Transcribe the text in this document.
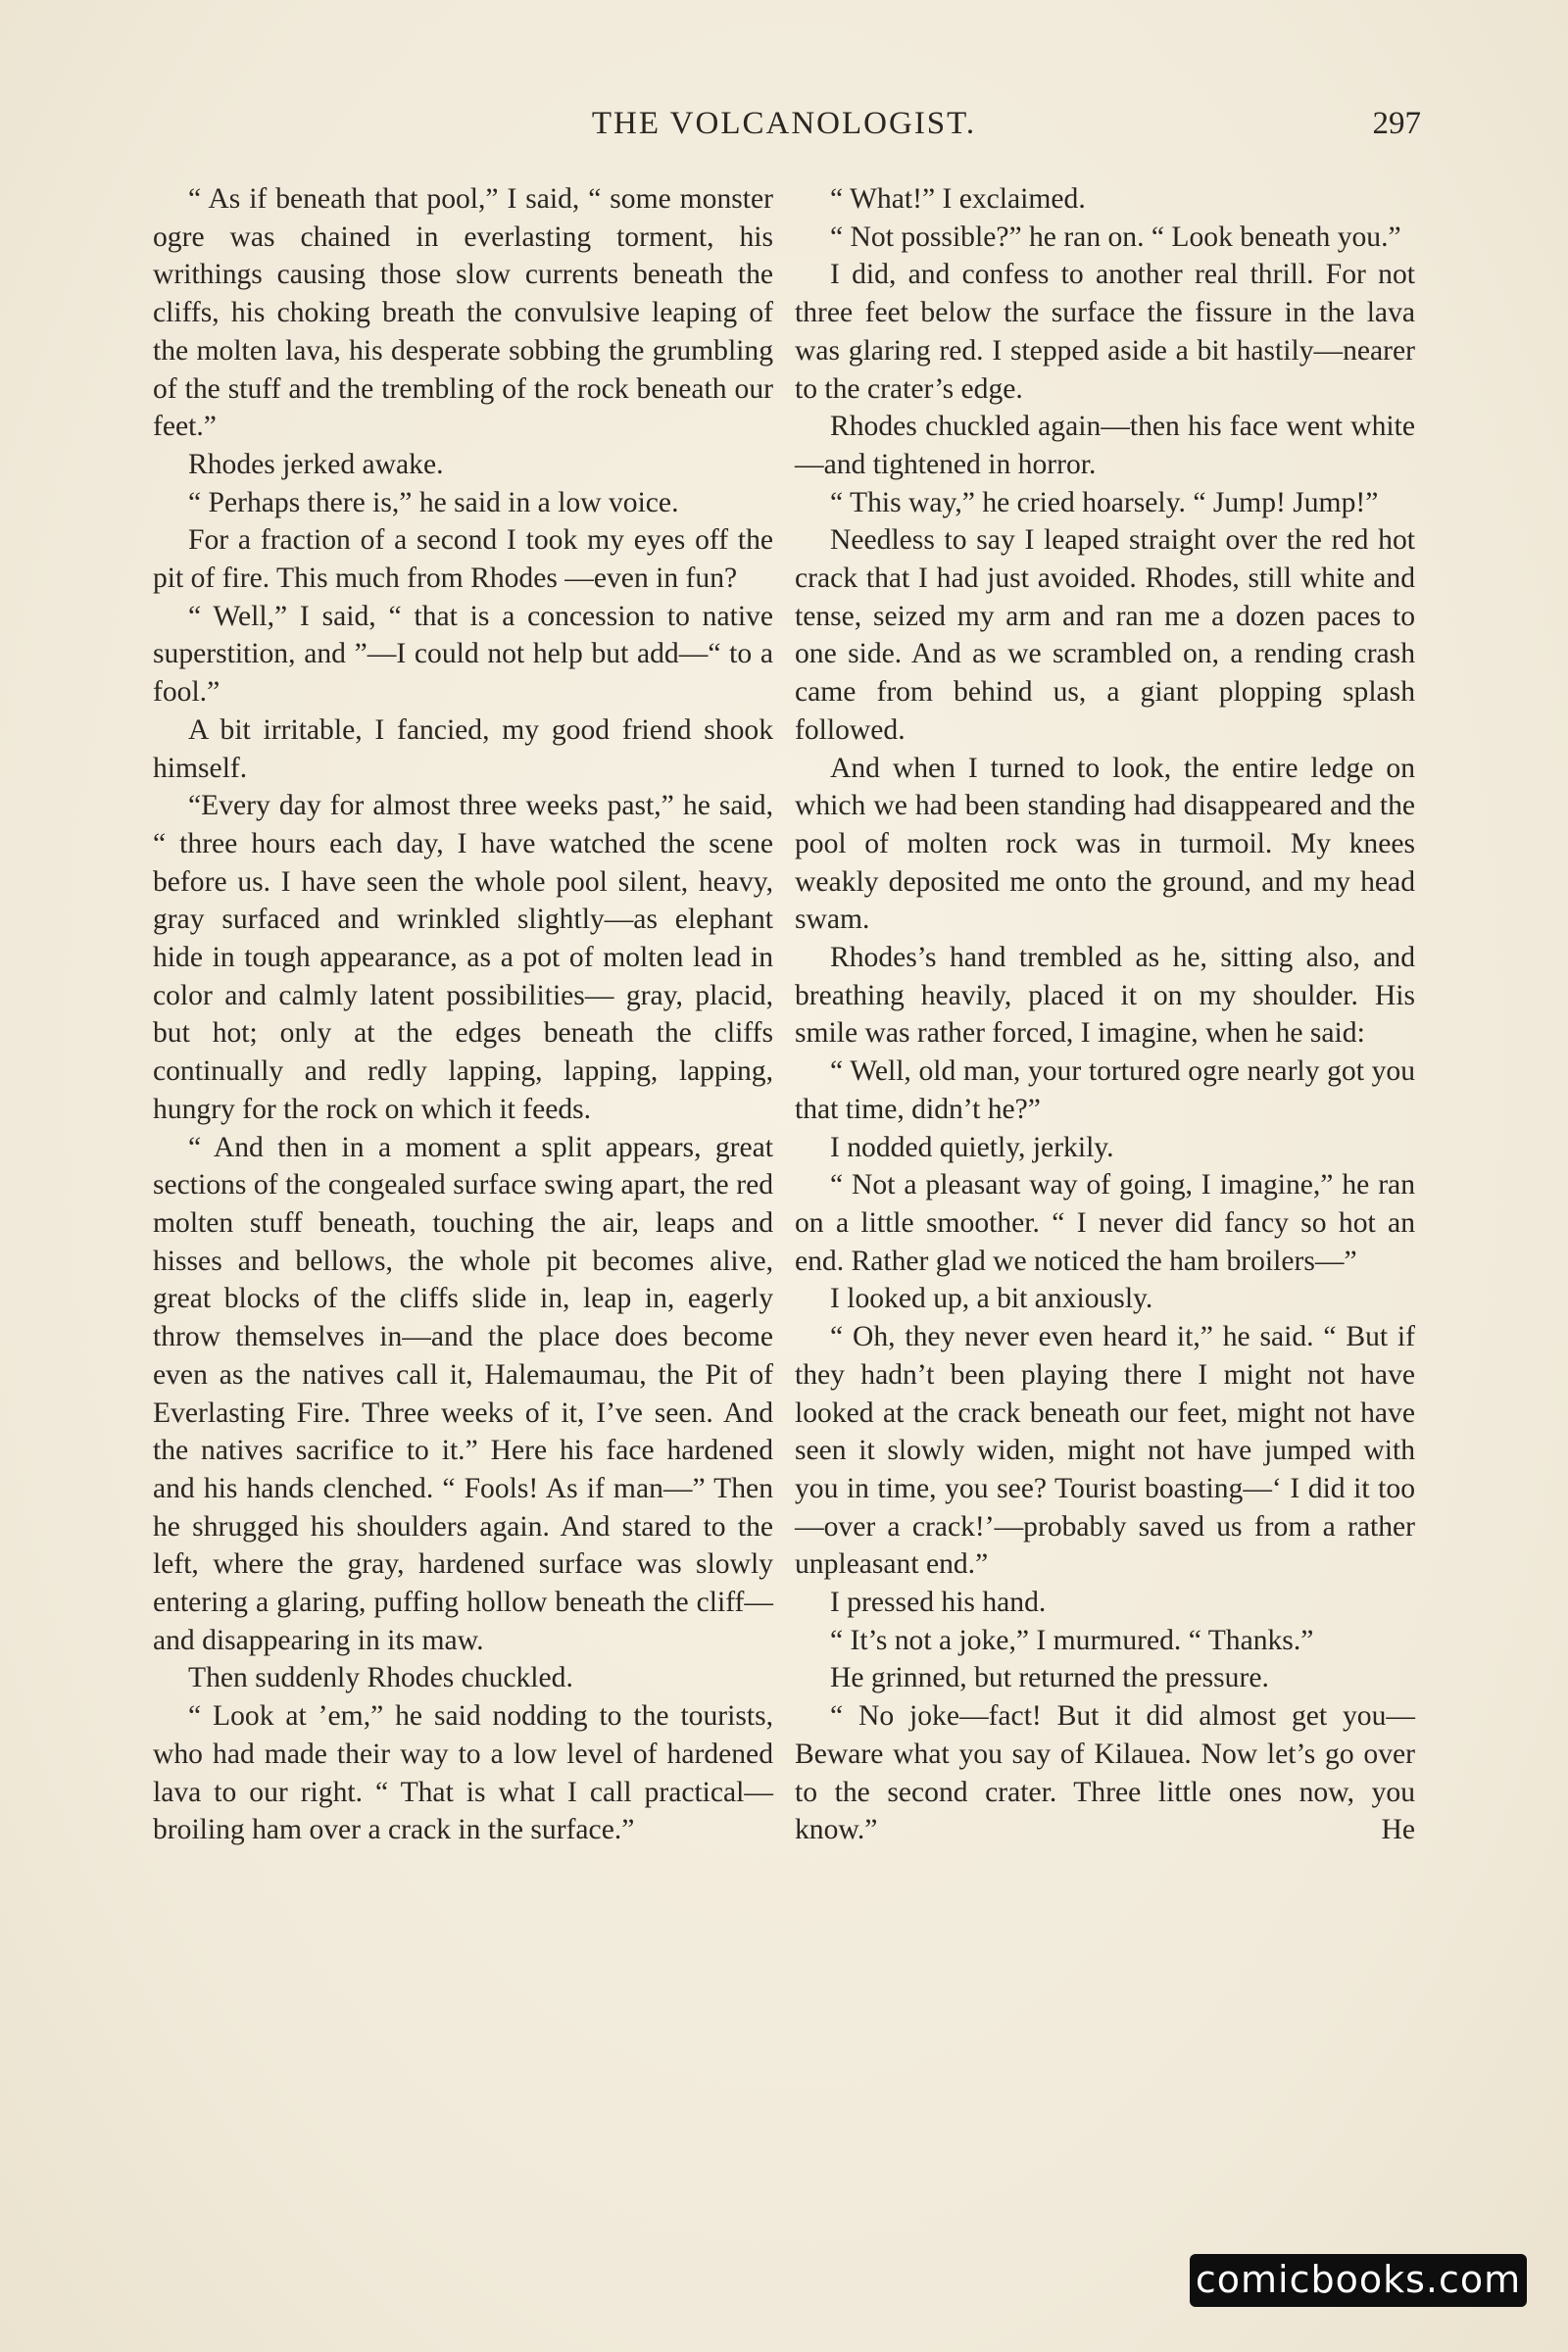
THE VOLCANOLOGIST.	297

“ As if beneath that pool,” I said, “ some monster ogre was chained in everlasting torment, his writhings causing those slow currents beneath the cliffs, his choking breath the convulsive leaping of the molten lava, his desperate sobbing the grumbling of the stuff and the trembling of the rock beneath our feet.”

Rhodes jerked awake.

“ Perhaps there is,” he said in a low voice.

For a fraction of a second I took my eyes off the pit of fire. This much from Rhodes —even in fun?

“ Well,” I said, “ that is a concession to native superstition, and ”—I could not help but add—“ to a fool.”

A bit irritable, I fancied, my good friend shook himself.

“Every day for almost three weeks past,” he said, “ three hours each day, I have watched the scene before us. I have seen the whole pool silent, heavy, gray surfaced and wrinkled slightly—as elephant hide in tough appearance, as a pot of molten lead in color and calmly latent possibilities— gray, placid, but hot; only at the edges beneath the cliffs continually and redly lapping, lapping, lapping, hungry for the rock on which it feeds.

“ And then in a moment a split appears, great sections of the congealed surface swing apart, the red molten stuff beneath, touching the air, leaps and hisses and bellows, the whole pit becomes alive, great blocks of the cliffs slide in, leap in, eagerly throw themselves in—and the place does become even as the natives call it, Halemaumau, the Pit of Everlasting Fire. Three weeks of it, I’ve seen. And the natives sacrifice to it.” Here his face hardened and his hands clenched. “ Fools! As if man—” Then he shrugged his shoulders again. And stared to the left, where the gray, hardened surface was slowly entering a glaring, puffing hollow beneath the cliff—and disappearing in its maw.

Then suddenly Rhodes chuckled.

“ Look at ’em,” he said nodding to the tourists, who had made their way to a low level of hardened lava to our right. “ That is what I call practical—broiling ham over a crack in the surface.”

“ What!” I exclaimed.

“ Not possible?” he ran on. “ Look beneath you.”

I did, and confess to another real thrill. For not three feet below the surface the fissure in the lava was glaring red. I stepped aside a bit hastily—nearer to the crater’s edge.

Rhodes chuckled again—then his face went white—and tightened in horror.

“ This way,” he cried hoarsely. “ Jump! Jump!”

Needless to say I leaped straight over the red hot crack that I had just avoided. Rhodes, still white and tense, seized my arm and ran me a dozen paces to one side. And as we scrambled on, a rending crash came from behind us, a giant plopping splash followed.

And when I turned to look, the entire ledge on which we had been standing had disappeared and the pool of molten rock was in turmoil. My knees weakly deposited me onto the ground, and my head swam.

Rhodes’s hand trembled as he, sitting also, and breathing heavily, placed it on my shoulder. His smile was rather forced, I imagine, when he said:

“ Well, old man, your tortured ogre nearly got you that time, didn’t he?”

I nodded quietly, jerkily.

“ Not a pleasant way of going, I imagine,” he ran on a little smoother. “ I never did fancy so hot an end. Rather glad we noticed the ham broilers—”

I looked up, a bit anxiously.

“ Oh, they never even heard it,” he said. “ But if they hadn’t been playing there I might not have looked at the crack beneath our feet, might not have seen it slowly widen, might not have jumped with you in time, you see? Tourist boasting—‘ I did it too—over a crack!’—probably saved us from a rather unpleasant end.”

I pressed his hand.

“ It’s not a joke,” I murmured. “ Thanks.”

He grinned, but returned the pressure.

“ No joke—fact! But it did almost get you— Beware what you say of Kilauea. Now let’s go over to the second crater. Three little ones now, you know.” He

comicbooks.com
